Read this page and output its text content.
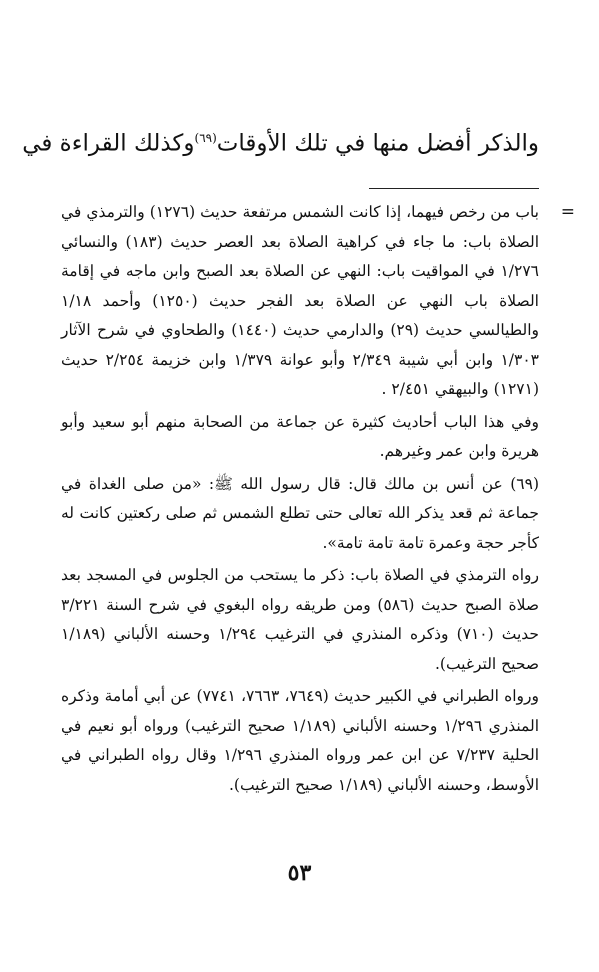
والذكر أفضل منها في تلك الأوقات$^{(٦٩)}$وكذلك القراءة في

=
باب من رخص فيهما، إذا كانت الشمس مرتفعة حديث (١٢٧٦) والترمذي في الصلاة باب: ما جاء في كراهية الصلاة بعد العصر حديث (١٨٣) والنسائي ١/٢٧٦ في المواقيت باب: النهي عن الصلاة بعد الصبح وابن ماجه في إقامة الصلاة باب النهي عن الصلاة بعد الفجر حديث (١٢٥٠) وأحمد ١/١٨ والطيالسي حديث (٢٩) والدارمي حديث (١٤٤٠) والطحاوي في شرح الآثار ١/٣٠٣ وابن أبي شيبة ٢/٣٤٩ وأبو عوانة ١/٣٧٩ وابن خزيمة ٢/٢٥٤ حديث (١٢٧١) والبيهقي ٢/٤٥١ .

وفي هذا الباب أحاديث كثيرة عن جماعة من الصحابة منهم أبو سعيد وأبو هريرة وابن عمر وغيرهم.

(٦٩) عن أنس بن مالك قال: قال رسول الله ﷺ: «من صلى الغداة في جماعة ثم قعد يذكر الله تعالى حتى تطلع الشمس ثم صلى ركعتين كانت له كأجر حجة وعمرة تامة تامة تامة».

رواه الترمذي في الصلاة باب: ذكر ما يستحب من الجلوس في المسجد بعد صلاة الصبح حديث (٥٨٦) ومن طريقه رواه البغوي في شرح السنة ٣/٢٢١ حديث (٧١٠) وذكره المنذري في الترغيب ١/٢٩٤ وحسنه الألباني (١/١٨٩ صحيح الترغيب).

ورواه الطبراني في الكبير حديث (٧٦٤٩، ٧٦٦٣، ٧٧٤١) عن أبي أمامة وذكره المنذري ١/٢٩٦ وحسنه الألباني (١/١٨٩ صحيح الترغيب) ورواه أبو نعيم في الحلية ٧/٢٣٧ عن ابن عمر ورواه المنذري ١/٢٩٦ وقال رواه الطبراني في الأوسط، وحسنه الألباني (١/١٨٩ صحيح الترغيب).

٥٣
